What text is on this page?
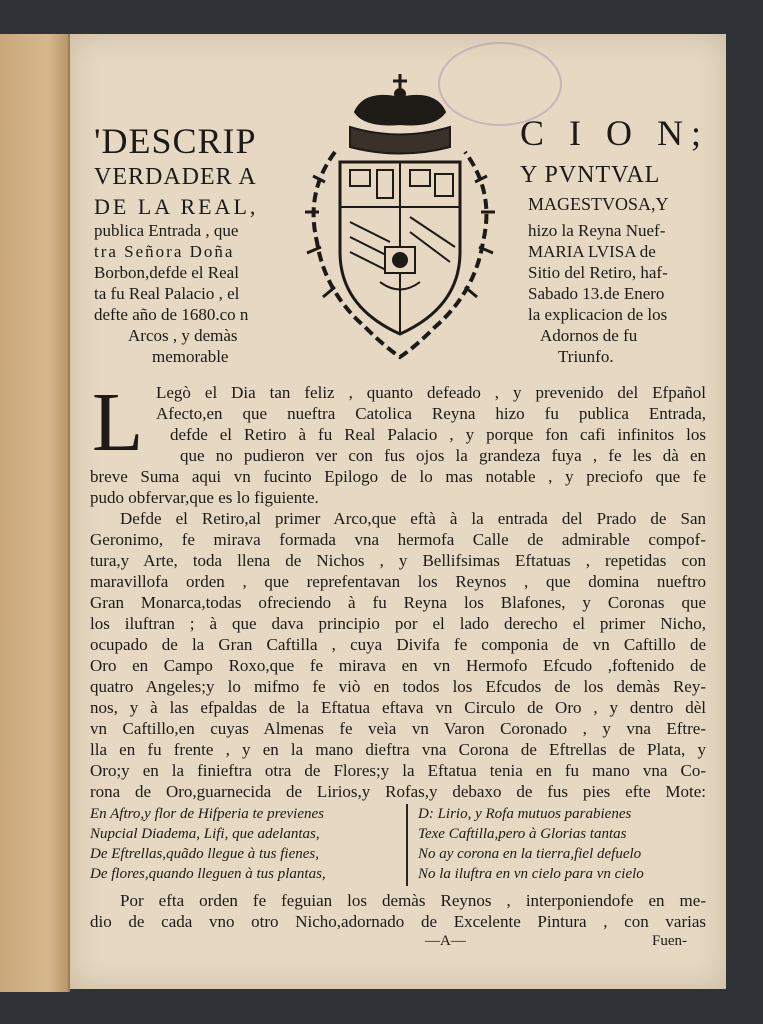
'DESCRIP	C I O N;
VERDADER A	Y PVNTVAL
DE LA REAL,	MAGESTVOSA,Y
publica Entrada , que
tra Señora Doña
Borbon,defde el Real
ta fu Real Palacio , el
defte año de 1680.co n
Arcos , y demàs
memorable
hizo la Reyna Nuef-
MARIA LVISA de
Sitio del Retiro, haf-
Sabado 13.de Enero
la explicacion de los
Adornos de fu
Triunfo.
L Legò el Dia tan feliz , quanto defeado , y prevenido del Efpañol
Afecto,en que nueftra Catolica Reyna hizo fu publica Entrada,
defde el Retiro à fu Real Palacio , y porque fon cafi infinitos los
que no pudieron ver con fus ojos la grandeza fuya , fe les dà en
breve Suma aqui vn fucinto Epilogo de lo mas notable , y preciofo que fe
pudo obfervar,que es lo figuiente.
Defde el Retiro,al primer Arco,que eftà à la entrada del Prado de San
Geronimo, fe mirava formada vna hermofa Calle de admirable compof-
tura,y Arte, toda llena de Nichos , y Bellifsimas Eftatuas , repetidas con
maravillofa orden , que reprefentavan los Reynos , que domina nueftro
Gran Monarca,todas ofreciendo à fu Reyna los Blafones, y Coronas que
los iluftran ; à que dava principio por el lado derecho el primer Nicho,
ocupado de la Gran Caftilla , cuya Divifa fe componia de vn Caftillo de
Oro en Campo Roxo,que fe mirava en vn Hermofo Efcudo ,foftenido de
quatro Angeles;y lo mifmo fe viò en todos los Efcudos de los demàs Rey-
nos, y à las efpaldas de la Eftatua eftava vn Circulo de Oro , y dentro dèl
vn Caftillo,en cuyas Almenas fe veìa vn Varon Coronado , y vna Eftre-
lla en fu frente , y en la mano dieftra vna Corona de Eftrellas de Plata, y
Oro;y en la finieftra otra de Flores;y la Eftatua tenia en fu mano vna Co-
rona de Oro,guarnecida de Lirios,y Rofas,y debaxo de fus pies efte Mote:
En Aftro,y flor de Hifperia te previenes
Nupcial Diadema, Lifi, que adelantas,
De Eftrellas,quãdo llegue à tus fienes,
De flores,quando lleguen à tus plantas,
D: Lirio, y Rofa mutuos parabienes
Texe Caftilla,pero à Glorias tantas
No ay corona en la tierra,fiel defuelo
No la iluftra en vn cielo para vn cielo
Por efta orden fe feguian los demàs Reynos , interponiendofe en me-
dio de cada vno otro Nicho,adornado de Excelente Pintura , con varias
—A—	Fuen-
